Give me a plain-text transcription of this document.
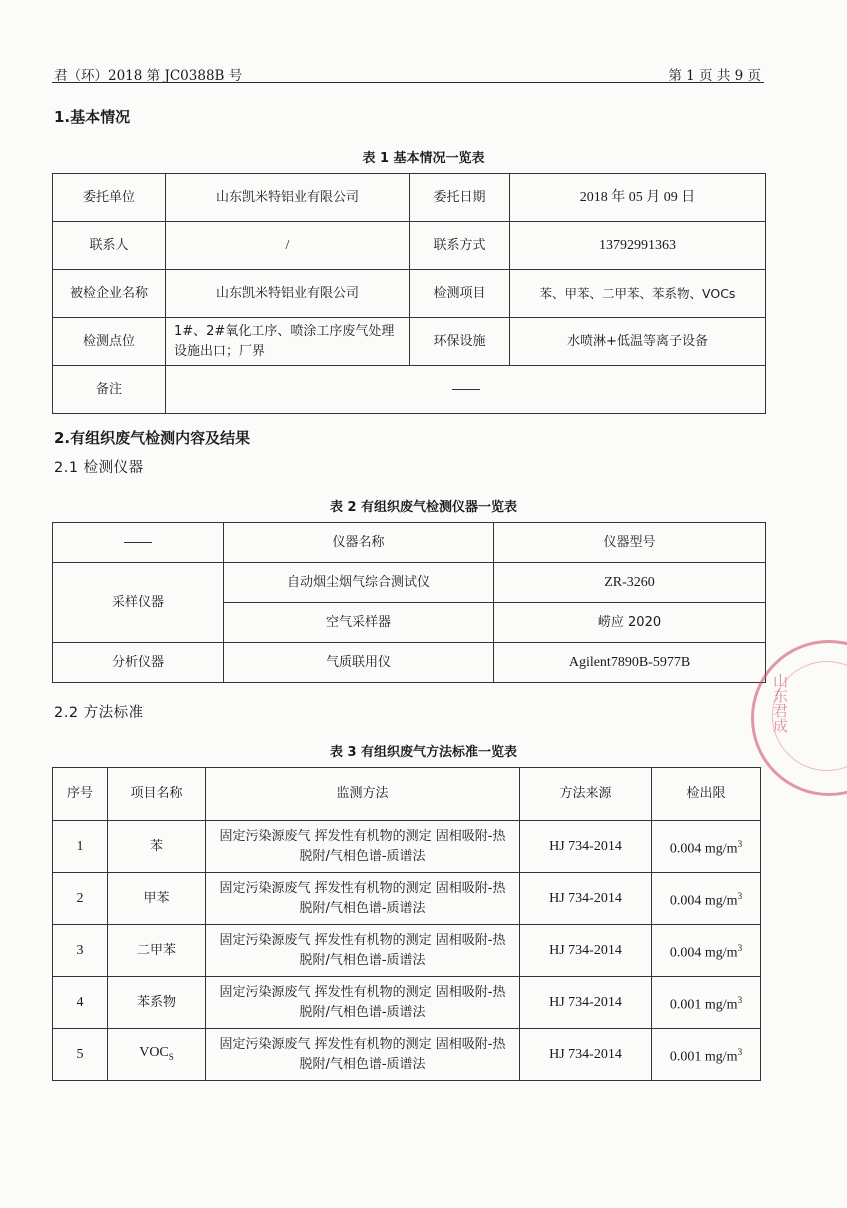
君（环）2018 第 JC0388B 号	第 1 页 共 9 页
1.基本情况
表 1 基本情况一览表
委托单位	山东凯米特铝业有限公司	委托日期	2018 年 05 月 09 日
联系人	/	联系方式	13792991363
被检企业名称	山东凯米特铝业有限公司	检测项目	苯、甲苯、二甲苯、苯系物、VOCs
检测点位	1#、2#氧化工序、喷涂工序废气处理设施出口；厂界	环保设施	水喷淋+低温等离子设备
备注			
2.有组织废气检测内容及结果
2.1 检测仪器
表 2 有组织废气检测仪器一览表
	仪器名称	仪器型号
采样仪器	自动烟尘烟气综合测试仪	ZR-3260
	空气采样器	崂应 2020
分析仪器	气质联用仪	Agilent7890B-5977B
2.2 方法标准
表 3 有组织废气方法标准一览表
序号	项目名称	监测方法	方法来源	检出限
1	苯	固定污染源废气 挥发性有机物的测定 固相吸附-热脱附/气相色谱-质谱法	HJ 734-2014	0.004 $mg/m^3$
2	甲苯	固定污染源废气 挥发性有机物的测定 固相吸附-热脱附/气相色谱-质谱法	HJ 734-2014	0.004 $mg/m^3$
3	二甲苯	固定污染源废气 挥发性有机物的测定 固相吸附-热脱附/气相色谱-质谱法	HJ 734-2014	0.004 $mg/m^3$
4	苯系物	固定污染源废气 挥发性有机物的测定 固相吸附-热脱附/气相色谱-质谱法	HJ 734-2014	0.001 $mg/m^3$
5	$VOC_S$	固定污染源废气 挥发性有机物的测定 固相吸附-热脱附/气相色谱-质谱法	HJ 734-2014	0.001 $mg/m^3$
山东君成
